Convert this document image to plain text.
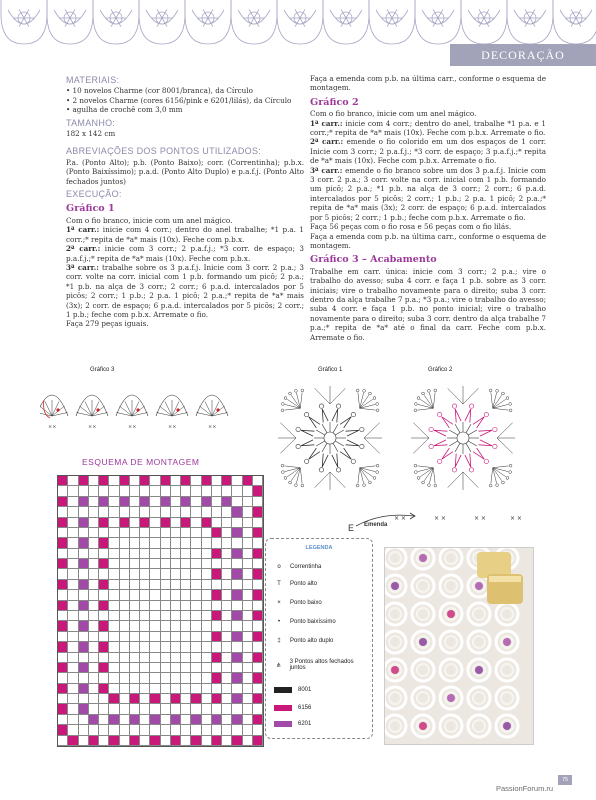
DECORAÇÃO
MATERIAIS:

• 10 novelos Charme (cor 8001/branca), da Círculo

• 2 novelos Charme (cores 6156/pink e 6201/lilás), da Círculo

• agulha de crochê com 3,0 mm

TAMANHO:

182 x 142 cm

ABREVIAÇÕES DOS PONTOS UTILIZADOS:

P.a. (Ponto Alto); p.b. (Ponto Baixo); corr. (Correntinha); p.b.x. (Ponto Baixíssimo); p.a.d. (Ponto Alto Duplo) e p.a.f.j. (Ponto Alto fechados juntos)

EXECUÇÃO:
Gráfico 1

Com o fio branco, inicie com um anel mágico.

1ª carr.: inicie com 4 corr.; dentro do anel trabalhe; *1 p.a. 1 corr.;* repita de *a* mais (10x). Feche com p.b.x.

2ª carr.: inicie com 3 corr.; 2 p.a.f.j.; *3 corr. de espaço; 3 p.a.f.j.;* repita de *a* mais (10x). Feche com p.b.x.

3ª carr.: trabalhe sobre os 3 p.a.f.j. Inicie com 3 corr. 2 p.a.; 3 corr. volte na corr. inicial com 1 p.b. formando um picô; 2 p.a.; *1 p.b. na alça de 3 corr.; 2 corr.; 6 p.a.d. intercalados por 5 picôs; 2 corr.; 1 p.b.; 2 p.a. 1 picô; 2 p.a.;* repita de *a* mais (3x); 2 corr. de espaço; 6 p.a.d. intercalados por 5 picôs; 2 corr.; 1 p.b.; feche com p.b.x. Arremate o fio.

Faça 279 peças iguais.

Faça a emenda com p.b. na última carr., conforme o esquema de montagem.

Gráfico 2

Com o fio branco, inicie com um anel mágico.

1ª carr.: inicie com 4 corr.; dentro do anel, trabalhe *1 p.a. e 1 corr.;* repita de *a* mais (10x). Feche com p.b.x. Arremate o fio.

2ª carr.: emende o fio colorido em um dos espaços de 1 corr. Inicie com 3 corr.; 2 p.a.f.j.; *3 corr. de espaço; 3 p.a.f.j.;* repita de *a* mais (10x). Feche com p.b.x. Arremate o fio.

3ª carr.: emende o fio branco sobre um dos 3 p.a.f.j. Inicie com 3 corr. 2 p.a.; 3 corr. volte na corr. inicial com 1 p.b. formando um picô; 2 p.a.; *1 p.b. na alça de 3 corr.; 2 corr.; 6 p.a.d. intercalados por 5 picôs; 2 corr.; 1 p.b.; 2 p.a. 1 picô; 2 p.a.;* repita de *a* mais (3x); 2 corr. de espaço; 6 p.a.d. intercalados por 5 picôs; 2 corr.; 1 p.b.; feche com p.b.x. Arremate o fio.

Faça 56 peças com o fio rosa e 56 peças com o fio lilás.

Faça a emenda com p.b. na última carr., conforme o esquema de montagem.

Gráfico 3 – Acabamento

Trabalhe em carr. única: inicie com 3 corr.; 2 p.a.; vire o trabalho do avesso; suba 4 corr. e faça 1 p.b. sobre as 3 corr. iniciais; vire o trabalho novamente para o direito; suba 3 corr. dentro da alça trabalhe 7 p.a.; *3 p.a.; vire o trabalho do avesso; suba 4 corr. e faça 1 p.b. no ponto inicial; vire o trabalho novamente para o direito; suba 3 corr. dentro da alça trabalhe 7 p.a.;* repita de *a* até o final da carr. Feche com p.b.x. Arremate o fio.

Gráfico 3	Gráfico 1	Gráfico 2
××	××	××	××	××
× ×	× ×	× ×	× ×
E Emenda
ESQUEMA DE MONTAGEM
LEGENDA
o	Correntinha
T	Ponto alto
×	Ponto baixo
•	Ponto baixíssimo
‡	Ponto alto duplo
⋔
3 Pontos altos fechados juntos
8001
6156
6201
75
PassionForum.ru
